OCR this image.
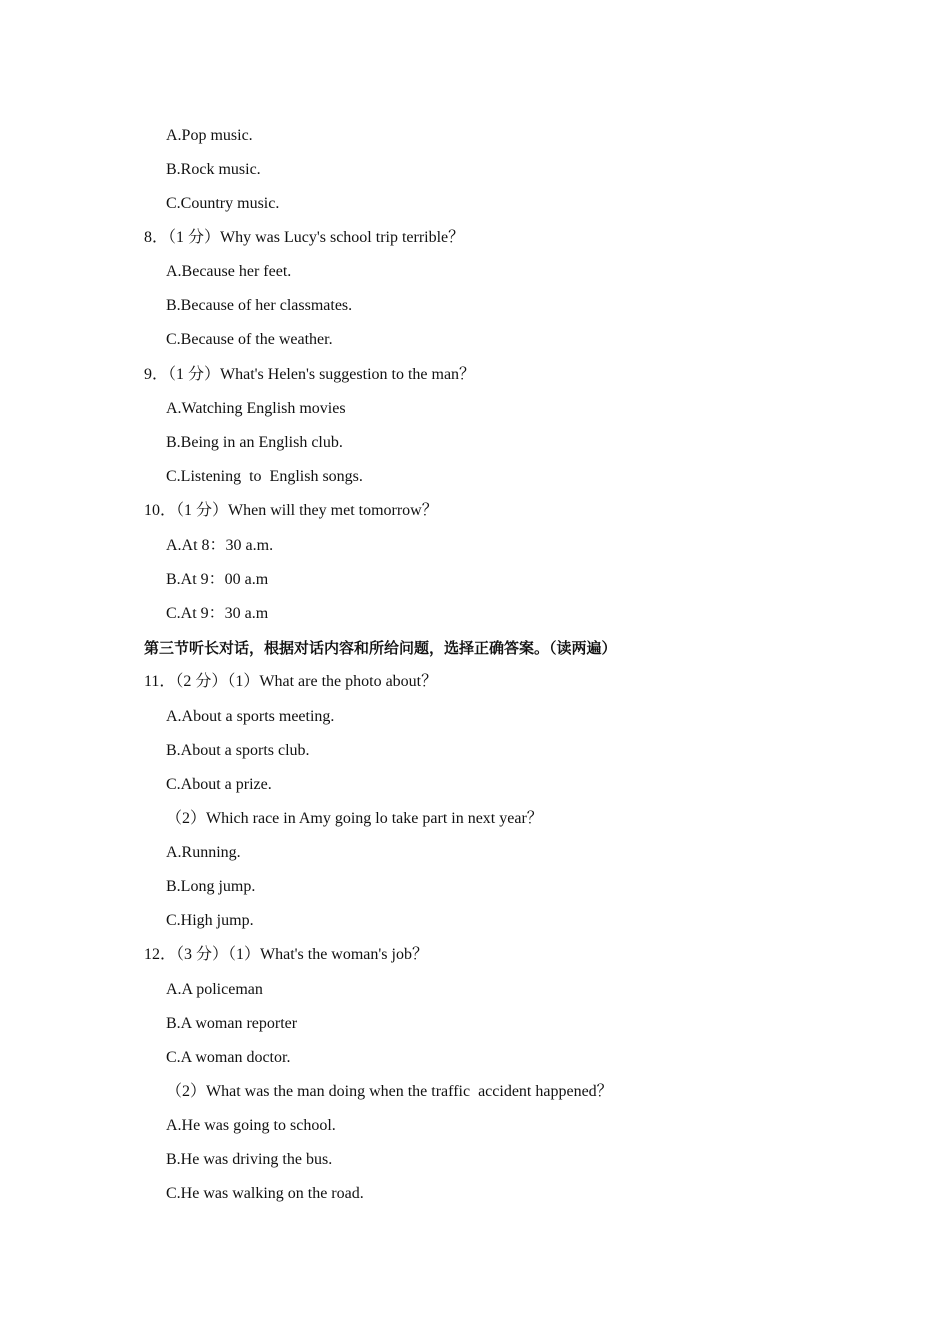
A.Pop music.
B.Rock music.
C.Country music.
8．（1 分）Why was Lucy's school trip terrible？
A.Because her feet.
B.Because of her classmates.
C.Because of the weather.
9．（1 分）What's Helen's suggestion to the man？
A.Watching English movies
B.Being in an English club.
C.Listening  to  English songs.
10．（1 分）When will they met tomorrow？
A.At 8：30 a.m.
B.At 9：00 a.m
C.At 9：30 a.m
第三节听长对话，根据对话内容和所给问题，选择正确答案。（读两遍）
11．（2 分）（1）What are the photo about？
A.About a sports meeting.
B.About a sports club.
C.About a prize.
（2）Which race in Amy going lo take part in next year？
A.Running.
B.Long jump.
C.High jump.
12．（3 分）（1）What's the woman's job？
A.A policeman
B.A woman reporter
C.A woman doctor.
（2）What was the man doing when the traffic  accident happened？
A.He was going to school.
B.He was driving the bus.
C.He was walking on the road.
